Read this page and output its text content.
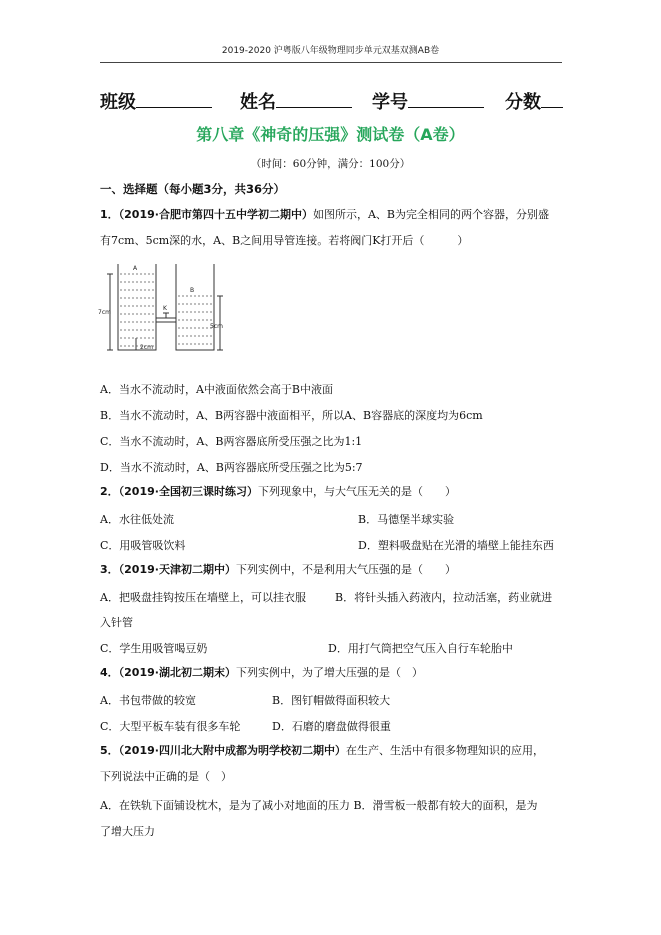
2019-2020 沪粤版八年级物理同步单元双基双测AB卷
班级	姓名	学号	分数
第八章《神奇的压强》测试卷（A卷）
（时间：60分钟，满分：100分）
一、选择题（每小题3分，共36分）
1．（2019·合肥市第四十五中学初二期中）如图所示，A、B为完全相同的两个容器，分别盛
有7cm、5cm深的水，A、B之间用导管连接。若将阀门K打开后（　　　）
A
B
K
7cm
5cm
2cm
A．当水不流动时，A中液面依然会高于B中液面
B．当水不流动时，A、B两容器中液面相平，所以A、B容器底的深度均为6cm
C．当水不流动时，A、B两容器底所受压强之比为1:1
D．当水不流动时，A、B两容器底所受压强之比为5:7
2．（2019·全国初三课时练习）下列现象中，与大气压无关的是（　　）
A．水往低处流	B．马德堡半球实验
C．用吸管吸饮料	D．塑料吸盘贴在光滑的墙壁上能挂东西
3．（2019·天津初二期中）下列实例中，不是利用大气压强的是（　　）
A．把吸盘挂钩按压在墙壁上，可以挂衣服	B．将针头插入药液内，拉动活塞，药业就进
入针管
C．学生用吸管喝豆奶	D．用打气筒把空气压入自行车轮胎中
4．（2019·湖北初二期末）下列实例中，为了增大压强的是（　）
A．书包带做的较宽	B．图钉帽做得面积较大
C．大型平板车装有很多车轮	D．石磨的磨盘做得很重
5．（2019·四川北大附中成都为明学校初二期中）在生产、生活中有很多物理知识的应用，
下列说法中正确的是（　）
A．在铁轨下面铺设枕木，是为了减小对地面的压力 B．滑雪板一般都有较大的面积，是为
了增大压力
